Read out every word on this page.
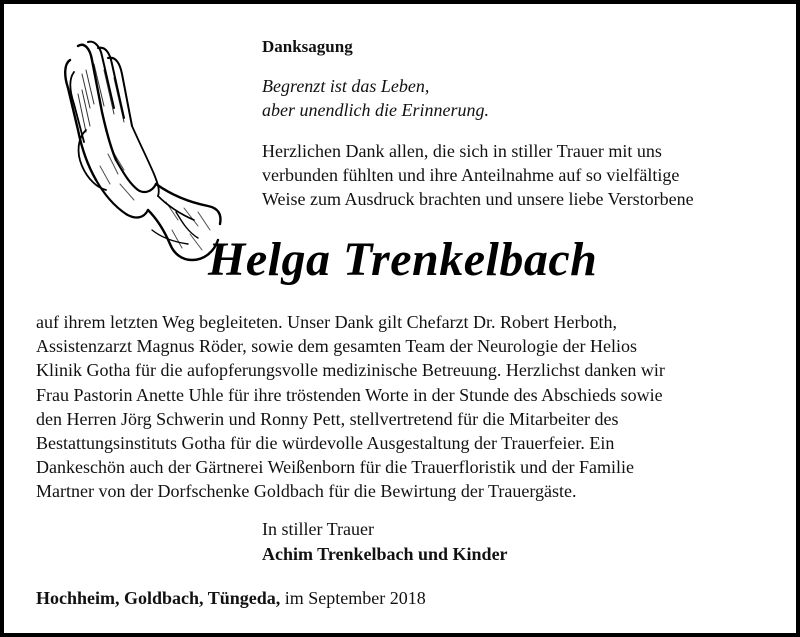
Danksagung
Begrenzt ist das Leben,
aber unendlich die Erinnerung.
Herzlichen Dank allen, die sich in stiller Trauer mit uns
verbunden fühlten und ihre Anteilnahme auf so vielfältige
Weise zum Ausdruck brachten und unsere liebe Verstorbene
Helga Trenkelbach
auf ihrem letzten Weg begleiteten. Unser Dank gilt Chefarzt Dr. Robert Herboth,
Assistenzarzt Magnus Röder, sowie dem gesamten Team der Neurologie der Helios
Klinik Gotha für die aufopferungsvolle medizinische Betreuung. Herzlichst danken wir
Frau Pastorin Anette Uhle für ihre tröstenden Worte in der Stunde des Abschieds sowie
den Herren Jörg Schwerin und Ronny Pett, stellvertretend für die Mitarbeiter des
Bestattungsinstituts Gotha für die würdevolle Ausgestaltung der Trauerfeier. Ein
Dankeschön auch der Gärtnerei Weißenborn für die Trauerfloristik und der Familie
Martner von der Dorfschenke Goldbach für die Bewirtung der Trauergäste.
In stiller Trauer
Achim Trenkelbach und Kinder
Hochheim, Goldbach, Tüngeda, im September 2018
